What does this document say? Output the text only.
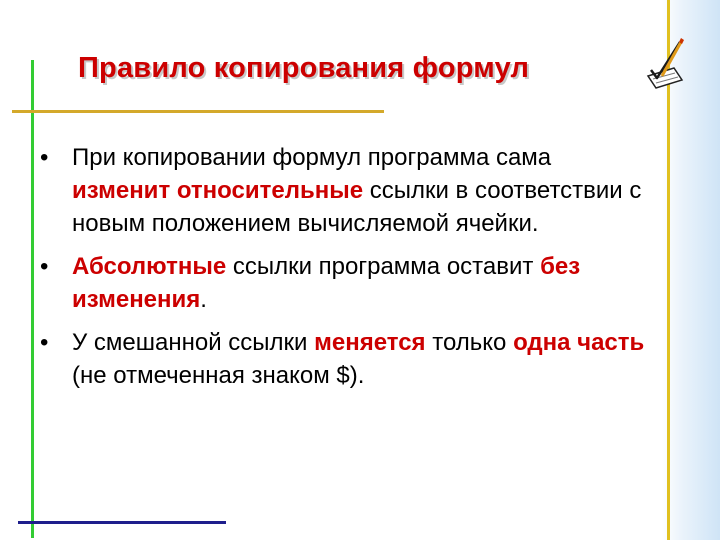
Правило копирования формул
• При копировании формул программа сама изменит относительные ссылки в соответствии с новым положением вычисляемой ячейки.
• Абсолютные ссылки программа оставит без изменения.
• У смешанной ссылки меняется только одна часть (не отмеченная знаком $).
